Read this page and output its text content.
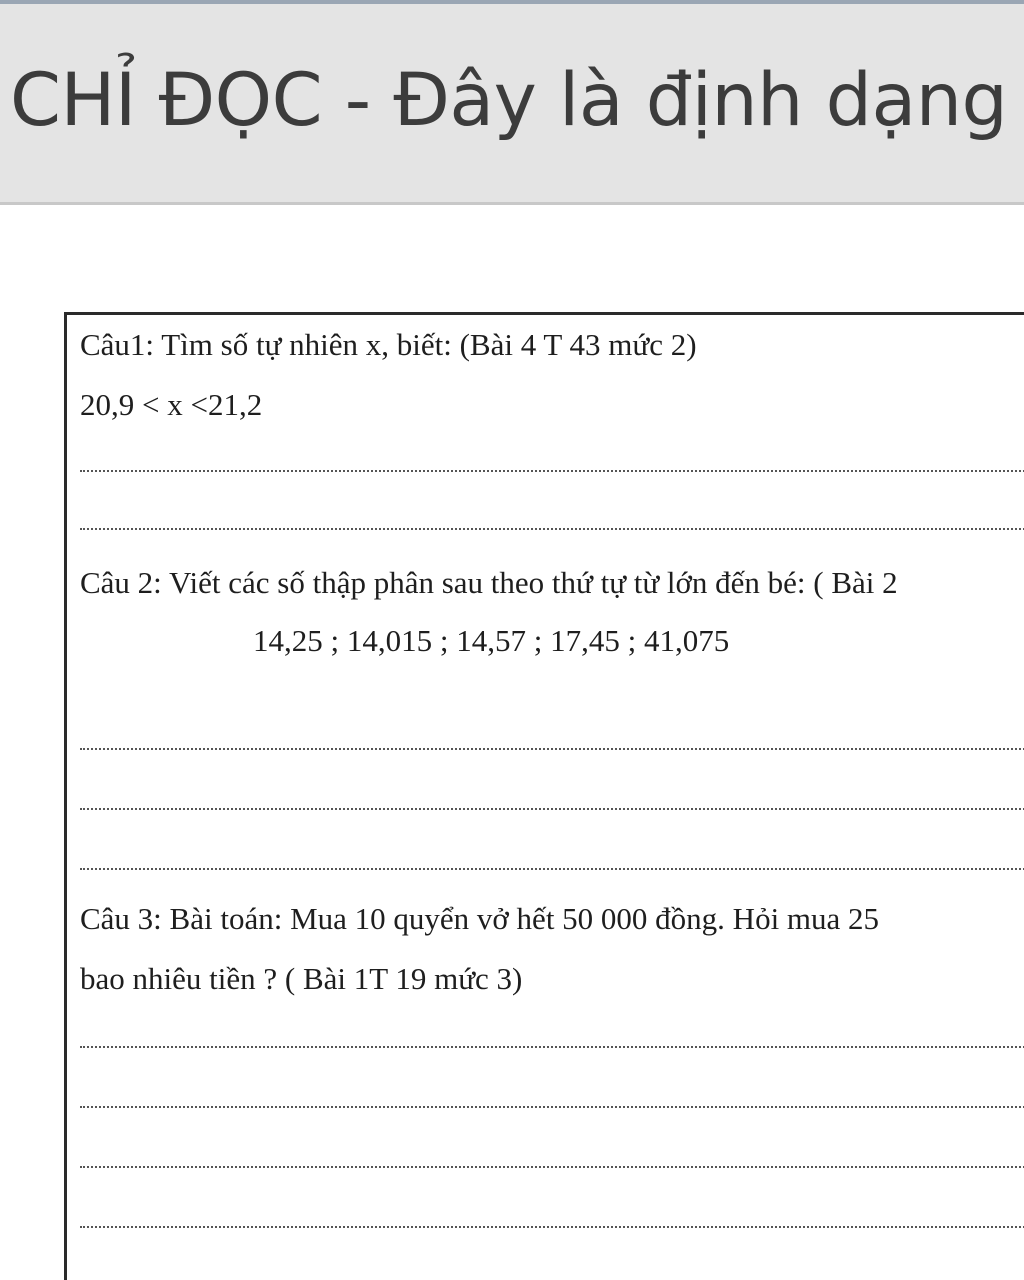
CHỈ ĐỌC - Đây là định dạng
Câu1: Tìm số tự nhiên x, biết: (Bài 4 T 43 mức 2)
20,9 < x <21,2
Câu 2: Viết các số thập phân sau theo thứ tự từ lớn đến bé: ( Bài 2
14,25 ; 14,015 ; 14,57 ; 17,45 ; 41,075
Câu 3: Bài toán: Mua 10 quyển vở hết 50 000 đồng. Hỏi mua 25
bao nhiêu tiền ? ( Bài 1T 19 mức 3)
